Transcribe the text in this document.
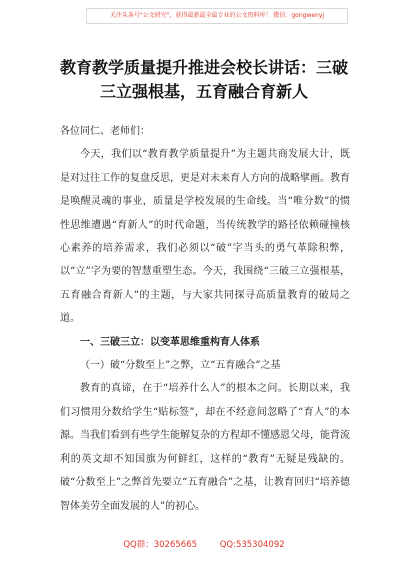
关注头条号"公文研究"，获得最新最全最专业的公文资料库！ 微信：gongwenyj
教育教学质量提升推进会校长讲话：三破
三立强根基，五育融合育新人

各位同仁、老师们：

今天，我们以“教育教学质量提升”为主题共商发展大计，既是对过往工作的复盘反思，更是对未来育人方向的战略擘画。教育是唤醒灵魂的事业，质量是学校发展的生命线。当“唯分数”的惯性思维遭遇“育新人”的时代命题，当传统教学的路径依赖碰撞核心素养的培养需求，我们必须以“破”字当头的勇气革除积弊，以“立”字为要的智慧重塑生态。今天，我围绕“三破三立强根基，五育融合育新人”的主题，与大家共同探寻高质量教育的破局之道。

一、三破三立：以变革思维重构育人体系

（一）破“分数至上”之弊，立“五育融合”之基

教育的真谛，在于“培养什么人”的根本之问。长期以来，我们习惯用分数给学生“贴标签”，却在不经意间忽略了“育人”的本源。当我们看到有些学生能解复杂的方程却不懂感恩父母，能背流利的英文却不知国旗为何鲜红，这样的“教育”无疑是残缺的。破“分数至上”之弊首先要立“五育融合”之基，让教育回归“培养德智体美劳全面发展的人”的初心。

QQ群：30265665	QQ:535304092
